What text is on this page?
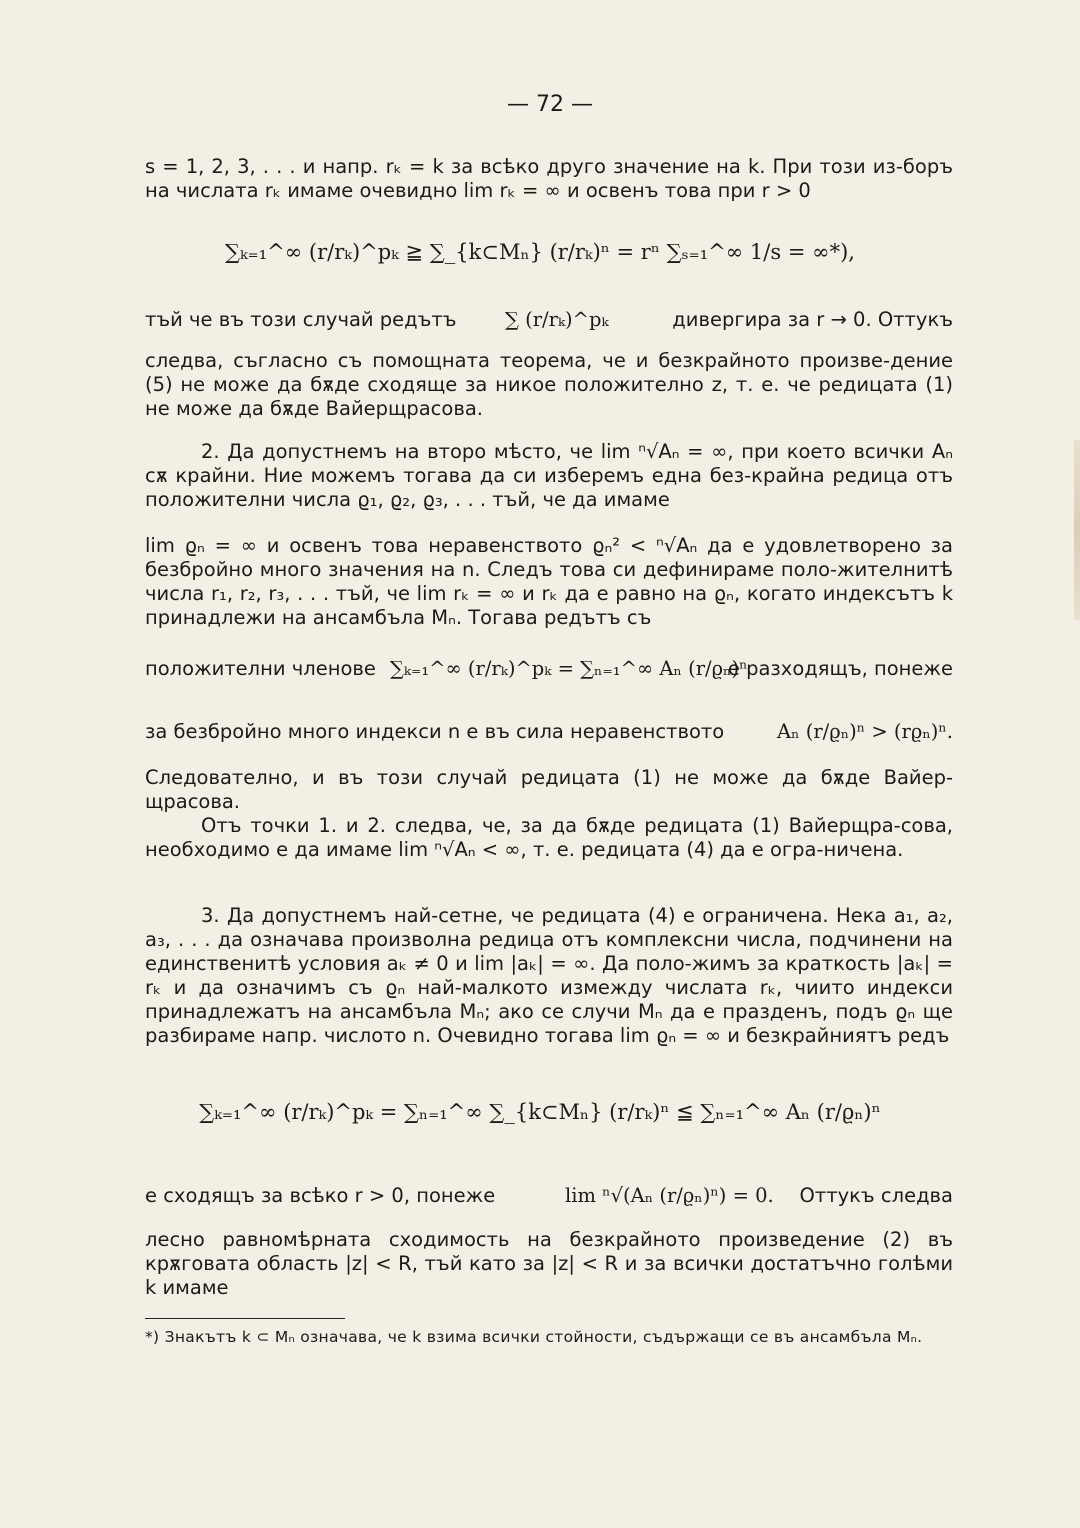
— 72 —
s = 1, 2, 3, . . . и напр. rₖ = k за всѣко друго значение на k. При този из-боръ на числата rₖ имаме очевидно lim rₖ = ∞ и освенъ това при r > 0
∑ₖ₌₁^∞ (r/rₖ)^pₖ ≧ ∑_{k⊂Mₙ} (r/rₖ)ⁿ = rⁿ ∑ₛ₌₁^∞ 1/s = ∞*),
тъй че въ този случай редътъ ∑ (r/rₖ)^pₖ	дивергира за r → 0. Оттукъ
следва, съгласно съ помощната теорема, че и безкрайното произве-дение (5) не може да бѫде сходяще за никое положително z, т. е. че редицата (1) не може да бѫде Вайерщрасова.
2. Да допустнемъ на второ мѣсто, че lim ⁿ√Aₙ = ∞, при което всички Aₙ сѫ крайни. Ние можемъ тогава да си изберемъ една без-крайна редица отъ положителни числа ϱ₁, ϱ₂, ϱ₃, . . . тъй, че да имаме
lim ϱₙ = ∞ и освенъ това неравенството ϱₙ² < ⁿ√Aₙ да е удовлетворено за безбройно много значения на n. Следъ това си дефинираме поло-жителнитѣ числа r₁, r₂, r₃, . . . тъй, че lim rₖ = ∞ и rₖ да е равно на ϱₙ, когато индексътъ k принадлежи на ансамбъла Mₙ. Тогава редътъ съ
положителни членове ∑ₖ₌₁^∞ (r/rₖ)^pₖ = ∑ₙ₌₁^∞ Aₙ (r/ϱₙ)ⁿ
е разходящъ, понеже
за безбройно много индекси n е въ сила неравенството	Aₙ (r/ϱₙ)ⁿ > (rϱₙ)ⁿ.
Следователно, и въ този случай редицата (1) не може да бѫде Вайер-щрасова.
Отъ точки 1. и 2. следва, че, за да бѫде редицата (1) Вайерщра-сова, необходимо е да имаме lim ⁿ√Aₙ < ∞, т. е. редицата (4) да е огра-ничена.
3. Да допустнемъ най-сетне, че редицата (4) е ограничена. Нека a₁, a₂, a₃, . . . да означава произволна редица отъ комплексни числа, подчинени на единственитѣ условия aₖ ≠ 0 и lim |aₖ| = ∞. Да поло-жимъ за краткость |aₖ| = rₖ и да означимъ съ ϱₙ най-малкото измежду числата rₖ, чиито индекси принадлежатъ на ансамбъла Mₙ; ако се случи Mₙ да е празденъ, подъ ϱₙ ще разбираме напр. числото n. Очевидно тогава lim ϱₙ = ∞ и безкрайниятъ редъ
∑ₖ₌₁^∞ (r/rₖ)^pₖ = ∑ₙ₌₁^∞ ∑_{k⊂Mₙ} (r/rₖ)ⁿ ≦ ∑ₙ₌₁^∞ Aₙ (r/ϱₙ)ⁿ
е сходящъ за всѣко r > 0, понеже	lim ⁿ√(Aₙ (r/ϱₙ)ⁿ) = 0. Оттукъ следва
лесно равномѣрната сходимость на безкрайното произведение (2) въ крѫговата область |z| < R, тъй като за |z| < R и за всички достатъчно голѣми k имаме
*) Знакътъ k ⊂ Mₙ означава, че k взима всички стойности, съдържащи се въ ансамбъла Mₙ.
